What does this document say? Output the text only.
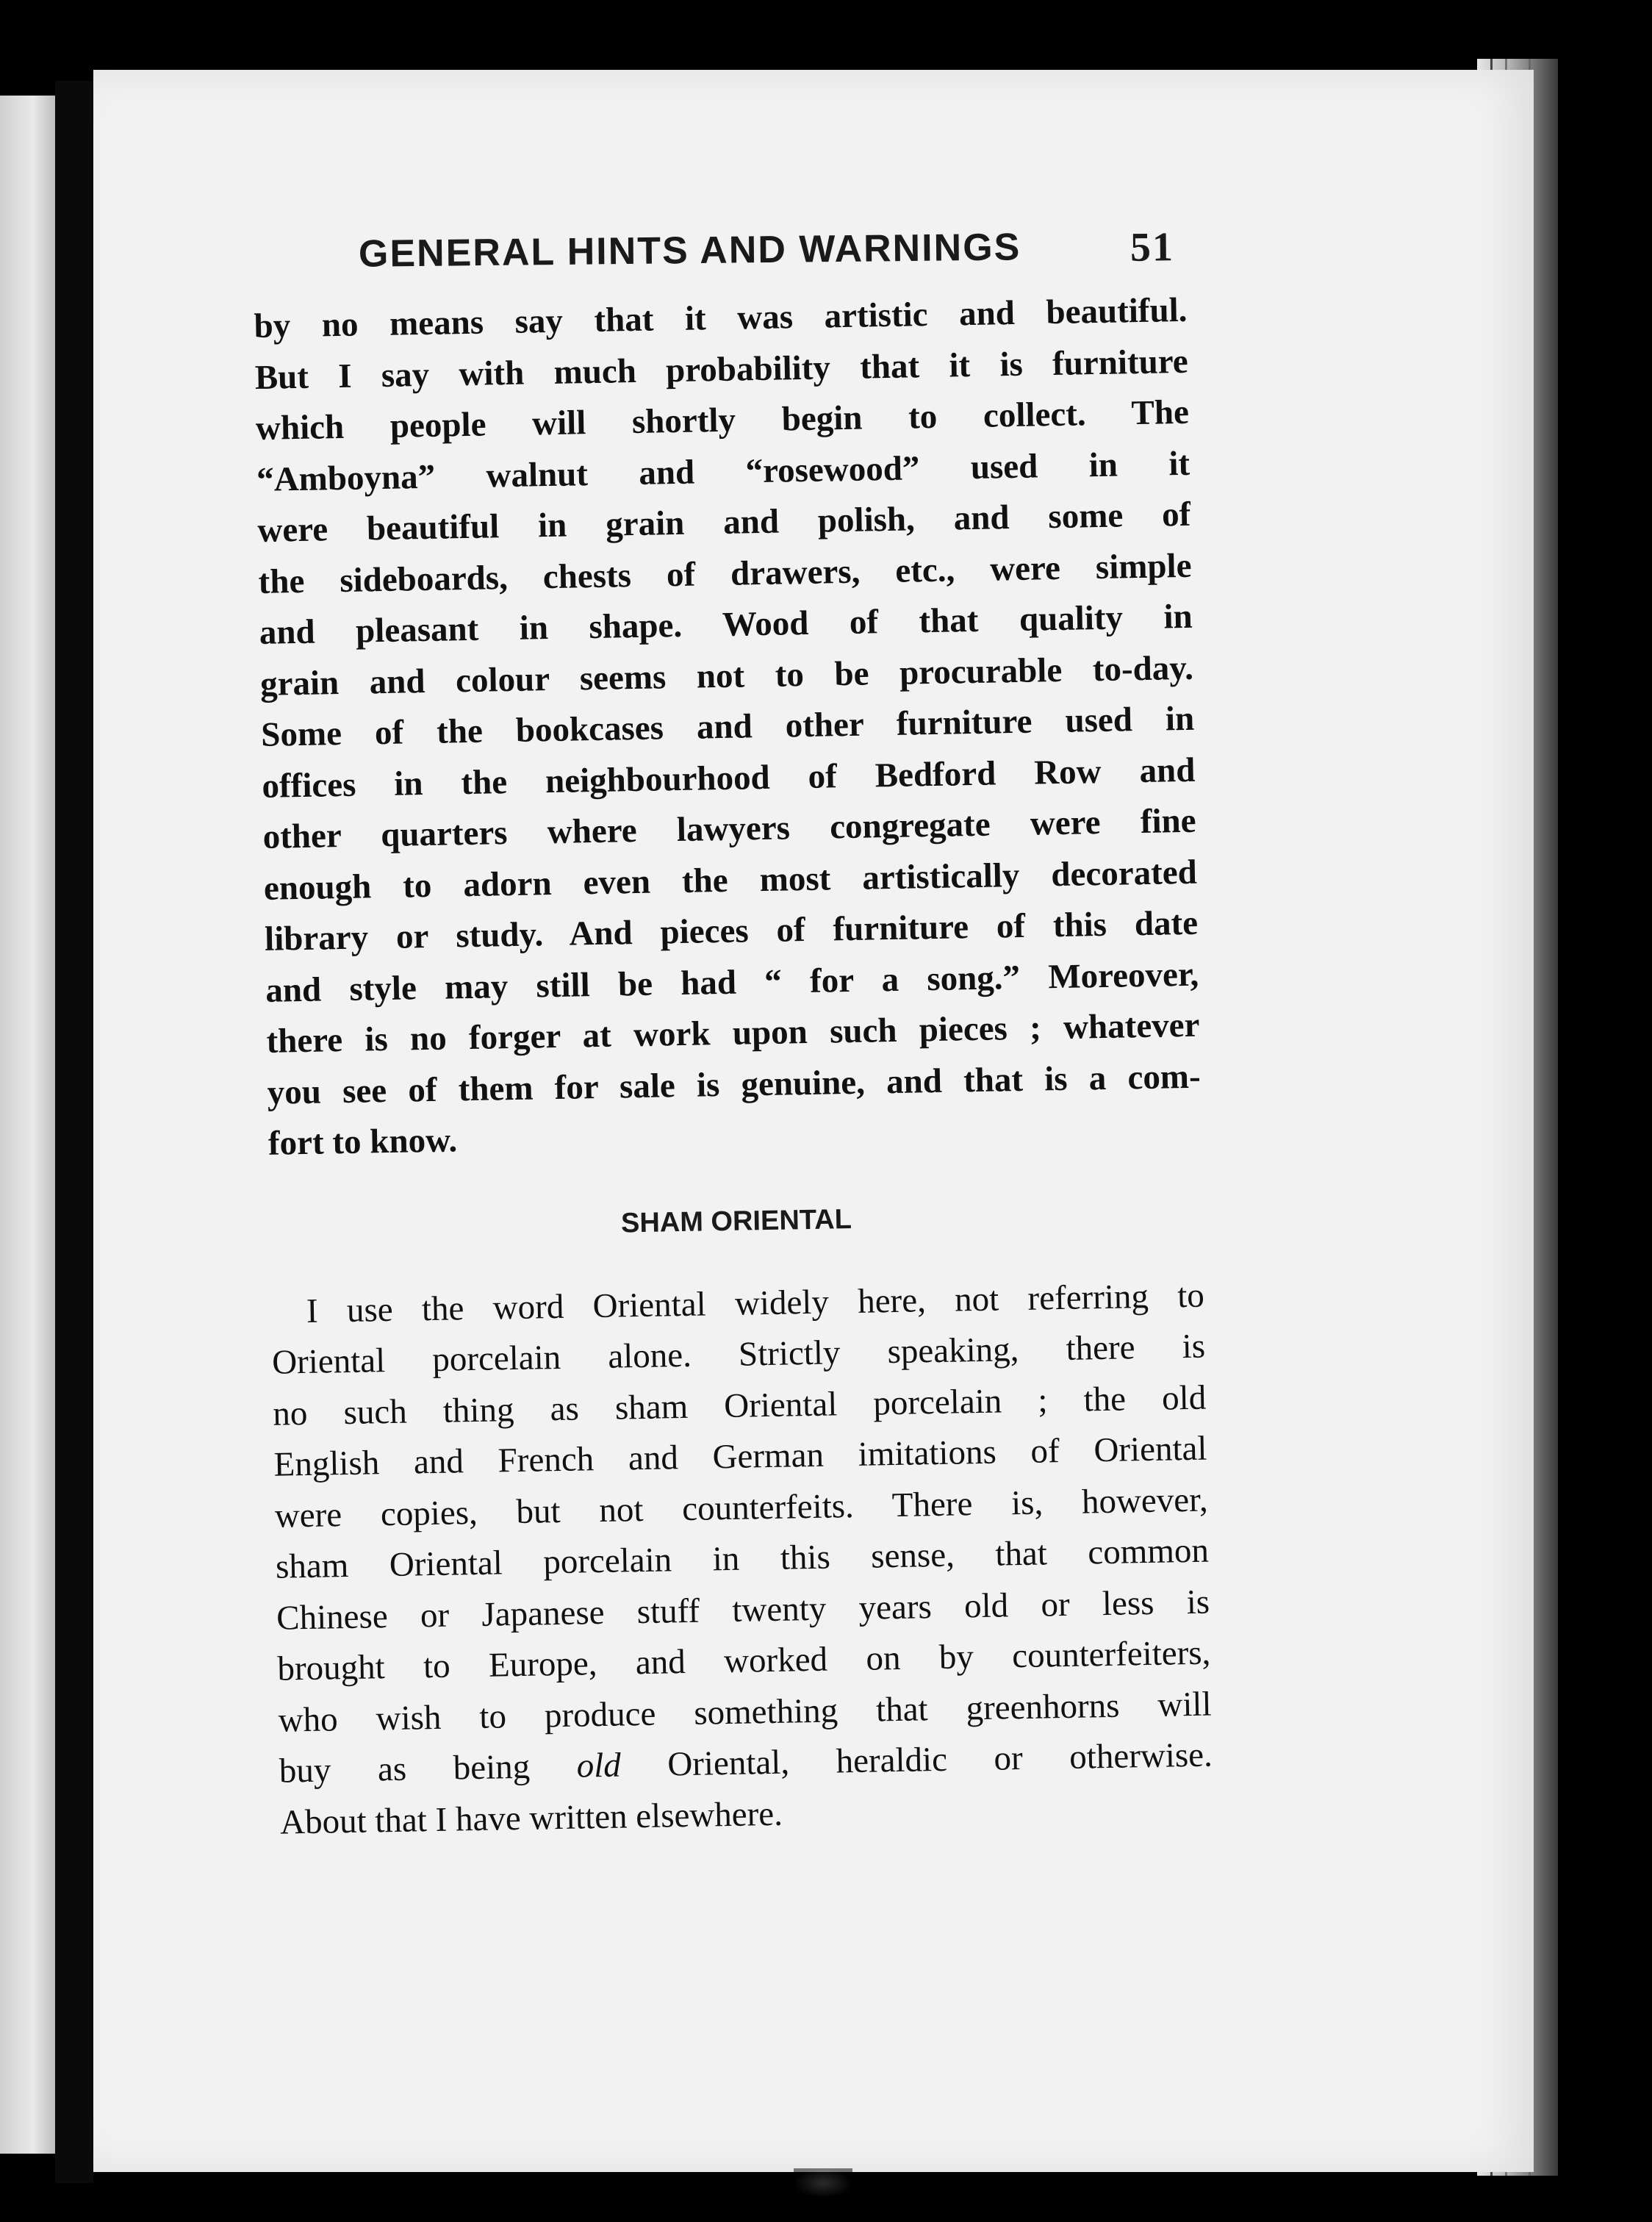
GENERAL HINTS AND WARNINGS	51

by no means say that it was artistic and beautiful.
But I say with much probability that it is furniture
which people will shortly begin to collect. The
“Amboyna” walnut and “rosewood” used in it
were beautiful in grain and polish, and some of
the sideboards, chests of drawers, etc., were simple
and pleasant in shape. Wood of that quality in
grain and colour seems not to be procurable to-day.
Some of the bookcases and other furniture used in
offices in the neighbourhood of Bedford Row and
other quarters where lawyers congregate were fine
enough to adorn even the most artistically decorated
library or study. And pieces of furniture of this date
and style may still be had “ for a song.” Moreover,
there is no forger at work upon such pieces ; whatever
you see of them for sale is genuine, and that is a com-
fort to know.

SHAM ORIENTAL

I use the word Oriental widely here, not referring to
Oriental porcelain alone. Strictly speaking, there is
no such thing as sham Oriental porcelain ; the old
English and French and German imitations of Oriental
were copies, but not counterfeits. There is, however,
sham Oriental porcelain in this sense, that common
Chinese or Japanese stuff twenty years old or less is
brought to Europe, and worked on by counterfeiters,
who wish to produce something that greenhorns will
buy as being old Oriental, heraldic or otherwise.
About that I have written elsewhere.
